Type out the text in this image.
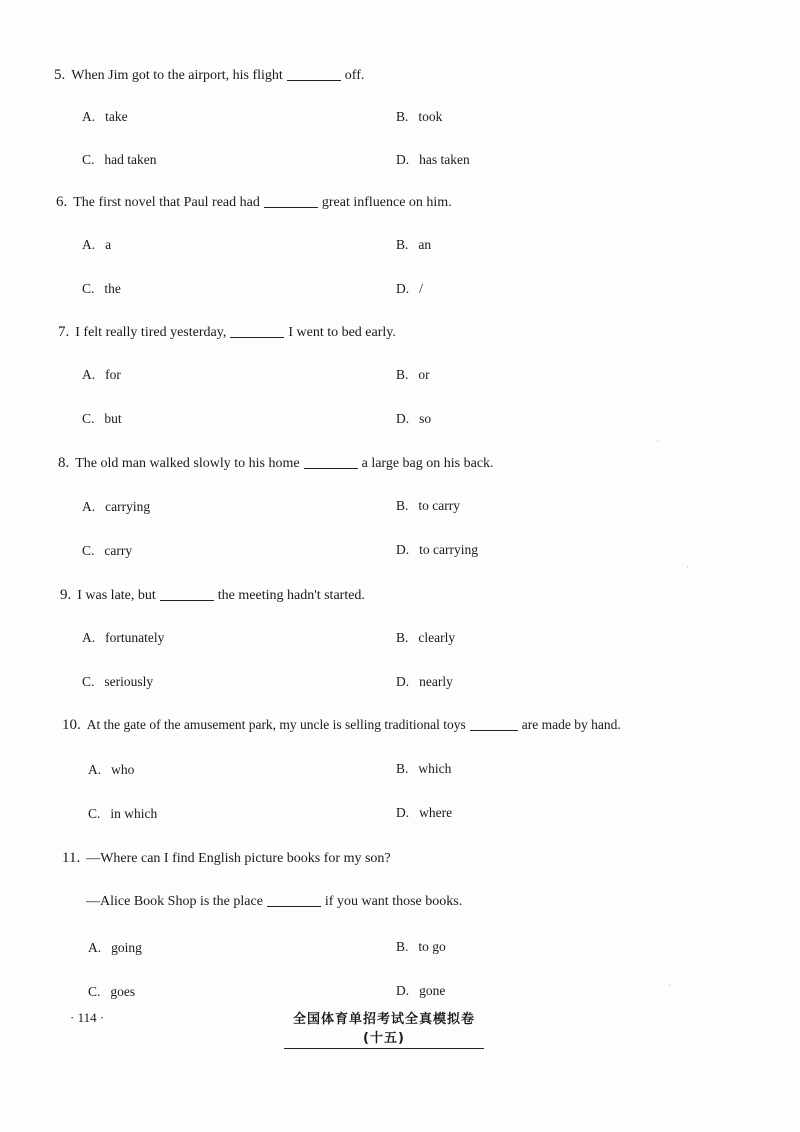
5. When Jim got to the airport, his flight	off.
A. take	B. took
C. had taken	D. has taken
6. The first novel that Paul read had	great influence on him.
A. a	B. an
C. the	D. /
7. I felt really tired yesterday,	I went to bed early.
A. for	B. or
C. but	D. so
8. The old man walked slowly to his home	a large bag on his back.
A. carrying	B. to carry
C. carry	D. to carrying
9. I was late, but	the meeting hadn't started.
A. fortunately	B. clearly
C. seriously	D. nearly
10. At the gate of the amusement park, my uncle is selling traditional toys	are made by hand.
A. who	B. which
C. in which	D. where
11. —Where can I find English picture books for my son?
—Alice Book Shop is the place	if you want those books.
A. going	B. to go
C. goes	D. gone
· 114 ·	全国体育单招考试全真模拟卷(十五)
·
·
·
